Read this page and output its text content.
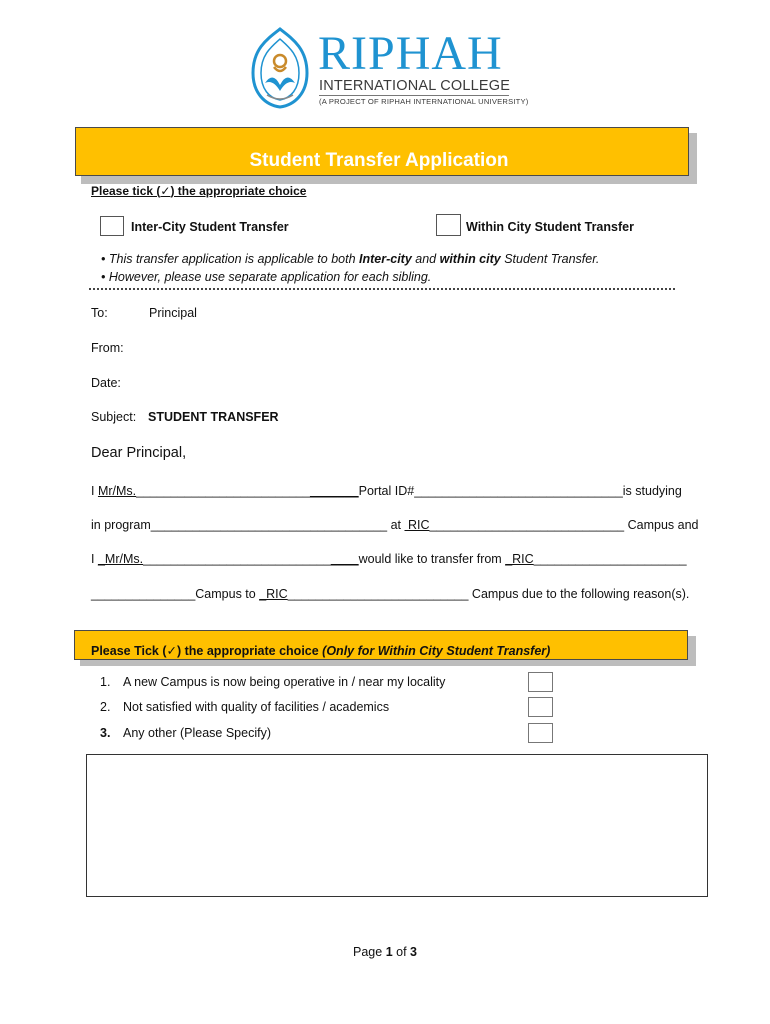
RIPHAH
INTERNATIONAL COLLEGE
(A PROJECT OF RIPHAH INTERNATIONAL UNIVERSITY)
Student Transfer Application
Please tick (✓) the appropriate choice
Inter-City Student Transfer	Within City Student Transfer
• This transfer application is applicable to both Inter-city and within city Student Transfer.
• However, please use separate application for each sibling.
To:	Principal
From:
Date:
Subject: STUDENT TRANSFER
Dear Principal,
I Mr/Ms.________________________________Portal ID#______________________________is studying
in program__________________________________ at  RIC____________________________ Campus and
I _Mr/Ms._______________________________would like to transfer from _RIC______________________
_______________Campus to _RIC__________________________ Campus due to the following reason(s).
Please Tick (✓) the appropriate choice (Only for Within City Student Transfer)
1. A new Campus is now being operative in / near my locality
2. Not satisfied with quality of facilities / academics
3. Any other (Please Specify)
Page 1 of 3
